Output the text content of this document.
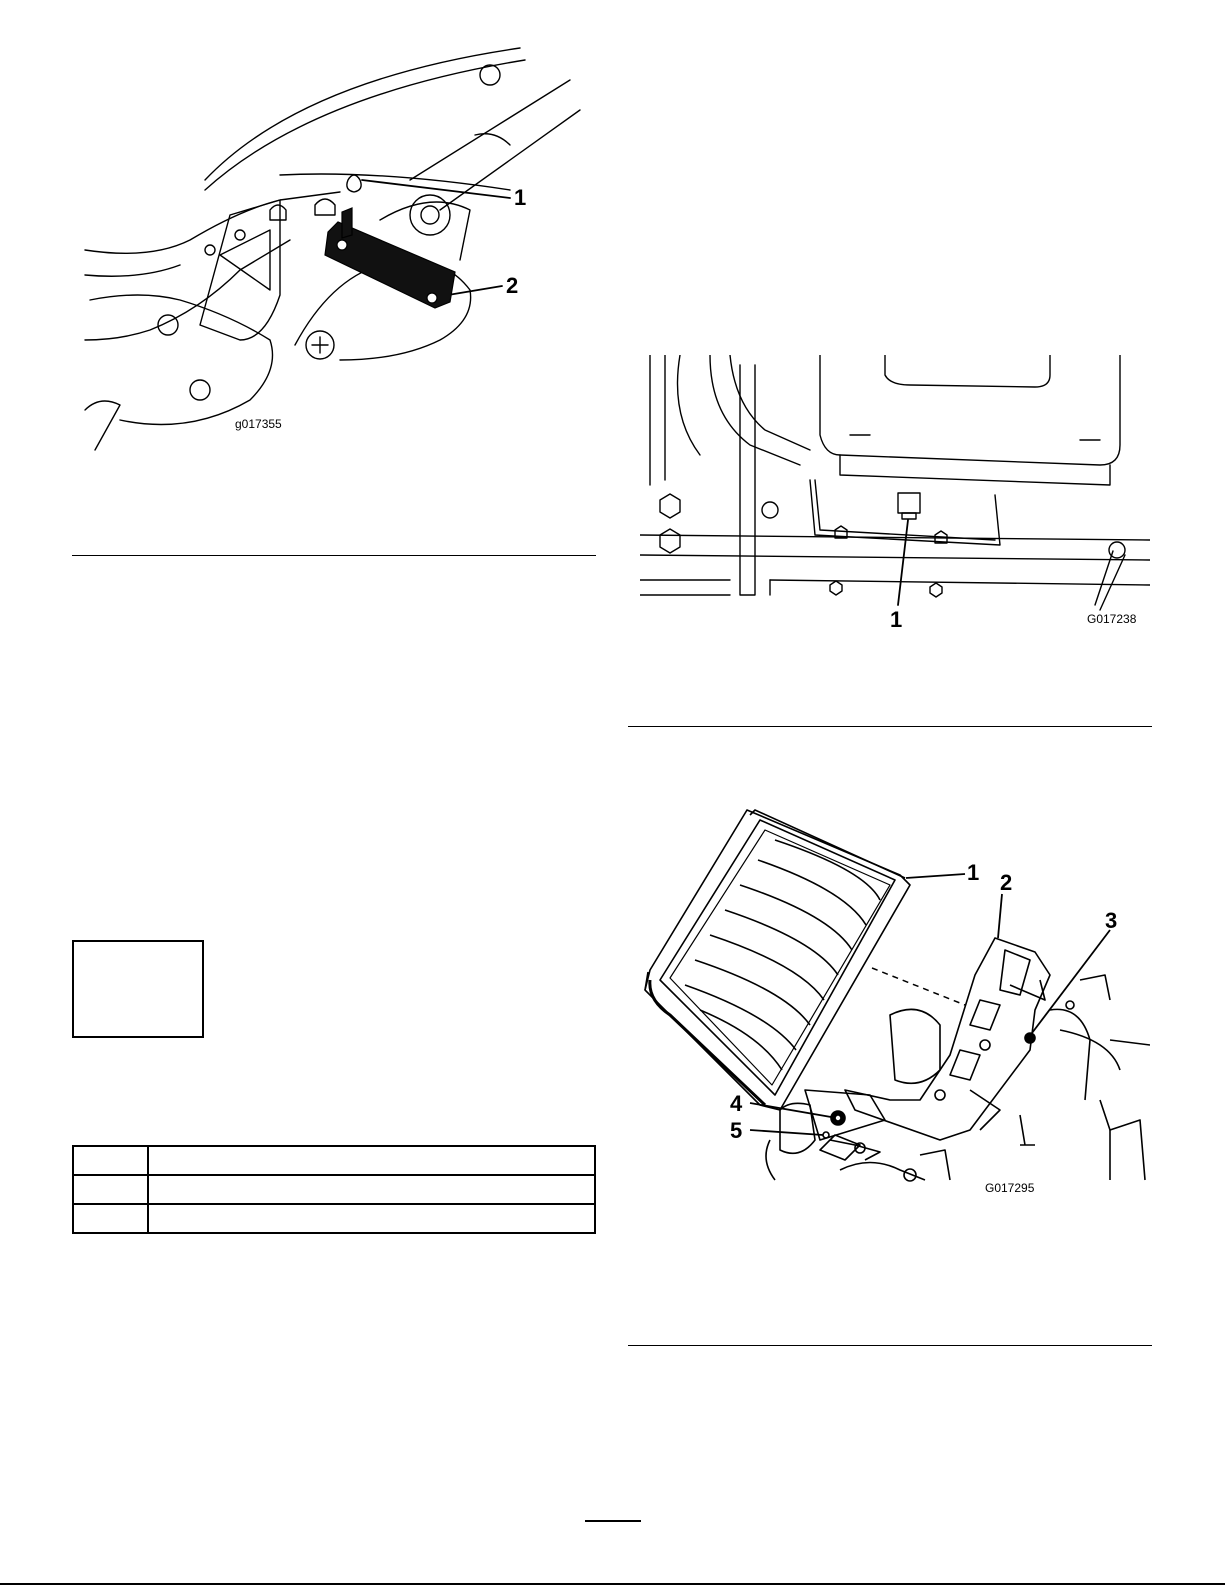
1
2
g017355

1	G017238
1 2
3
4
5
G017295
